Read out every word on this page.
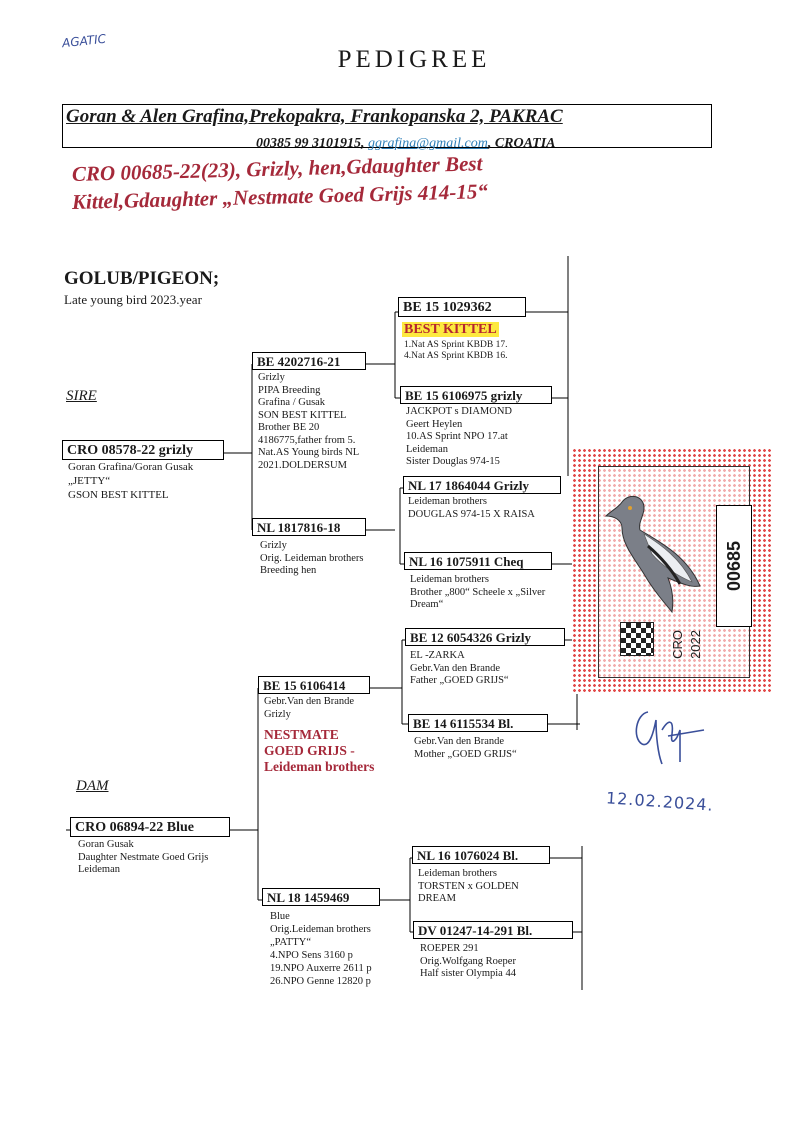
AGATIC
PEDIGREE
Goran & Alen Grafina,Prekopakra, Frankopanska 2, PAKRAC
00385 99 3101915, ggrafina@gmail.com, CROATIA
CRO 00685-22(23), Grizly, hen,Gdaughter Best
Kittel,Gdaughter „Nestmate Goed Grijs 414-15“
GOLUB/PIGEON;
Late young bird 2023.year
SIRE
DAM
CRO 08578-22 grizly
Goran Grafina/Goran Gusak
„JETTY“
GSON BEST KITTEL
CRO 06894-22 Blue
Goran Gusak
Daughter Nestmate Goed Grijs
Leideman
BE 4202716-21
Grizly
PIPA Breeding
Grafina / Gusak
SON BEST KITTEL
Brother BE 20
4186775,father from 5.
Nat.AS Young birds NL
2021.DOLDERSUM
NL 1817816-18
Grizly
Orig. Leideman brothers
Breeding hen
BE 15 6106414
Gebr.Van den Brande
Grizly
NESTMATE
GOED GRIJS -
Leideman brothers
NL 18 1459469
Blue
Orig.Leideman brothers
„PATTY“
4.NPO Sens 3160 p
19.NPO Auxerre 2611 p
26.NPO Genne 12820 p
BE 15 1029362
BEST KITTEL
1.Nat AS Sprint KBDB 17.
4.Nat AS Sprint KBDB 16.
BE 15 6106975 grizly
JACKPOT s DIAMOND
Geert Heylen
10.AS Sprint NPO 17.at
Leideman
Sister Douglas 974-15
NL 17 1864044 Grizly
Leideman brothers
DOUGLAS 974-15 X RAISA
NL 16 1075911 Cheq
Leideman brothers
Brother „800“ Scheele x „Silver
Dream“
BE 12 6054326 Grizly
EL -ZARKA
Gebr.Van den Brande
Father „GOED GRIJS“
BE 14 6115534 Bl.
Gebr.Van den Brande
Mother „GOED GRIJS“
NL 16 1076024 Bl.
Leideman brothers
TORSTEN x GOLDEN
DREAM
DV 01247-14-291 Bl.
ROEPER 291
Orig.Wolfgang Roeper
Half sister Olympia 44
00685
CRO 2022
12.02.2024.
